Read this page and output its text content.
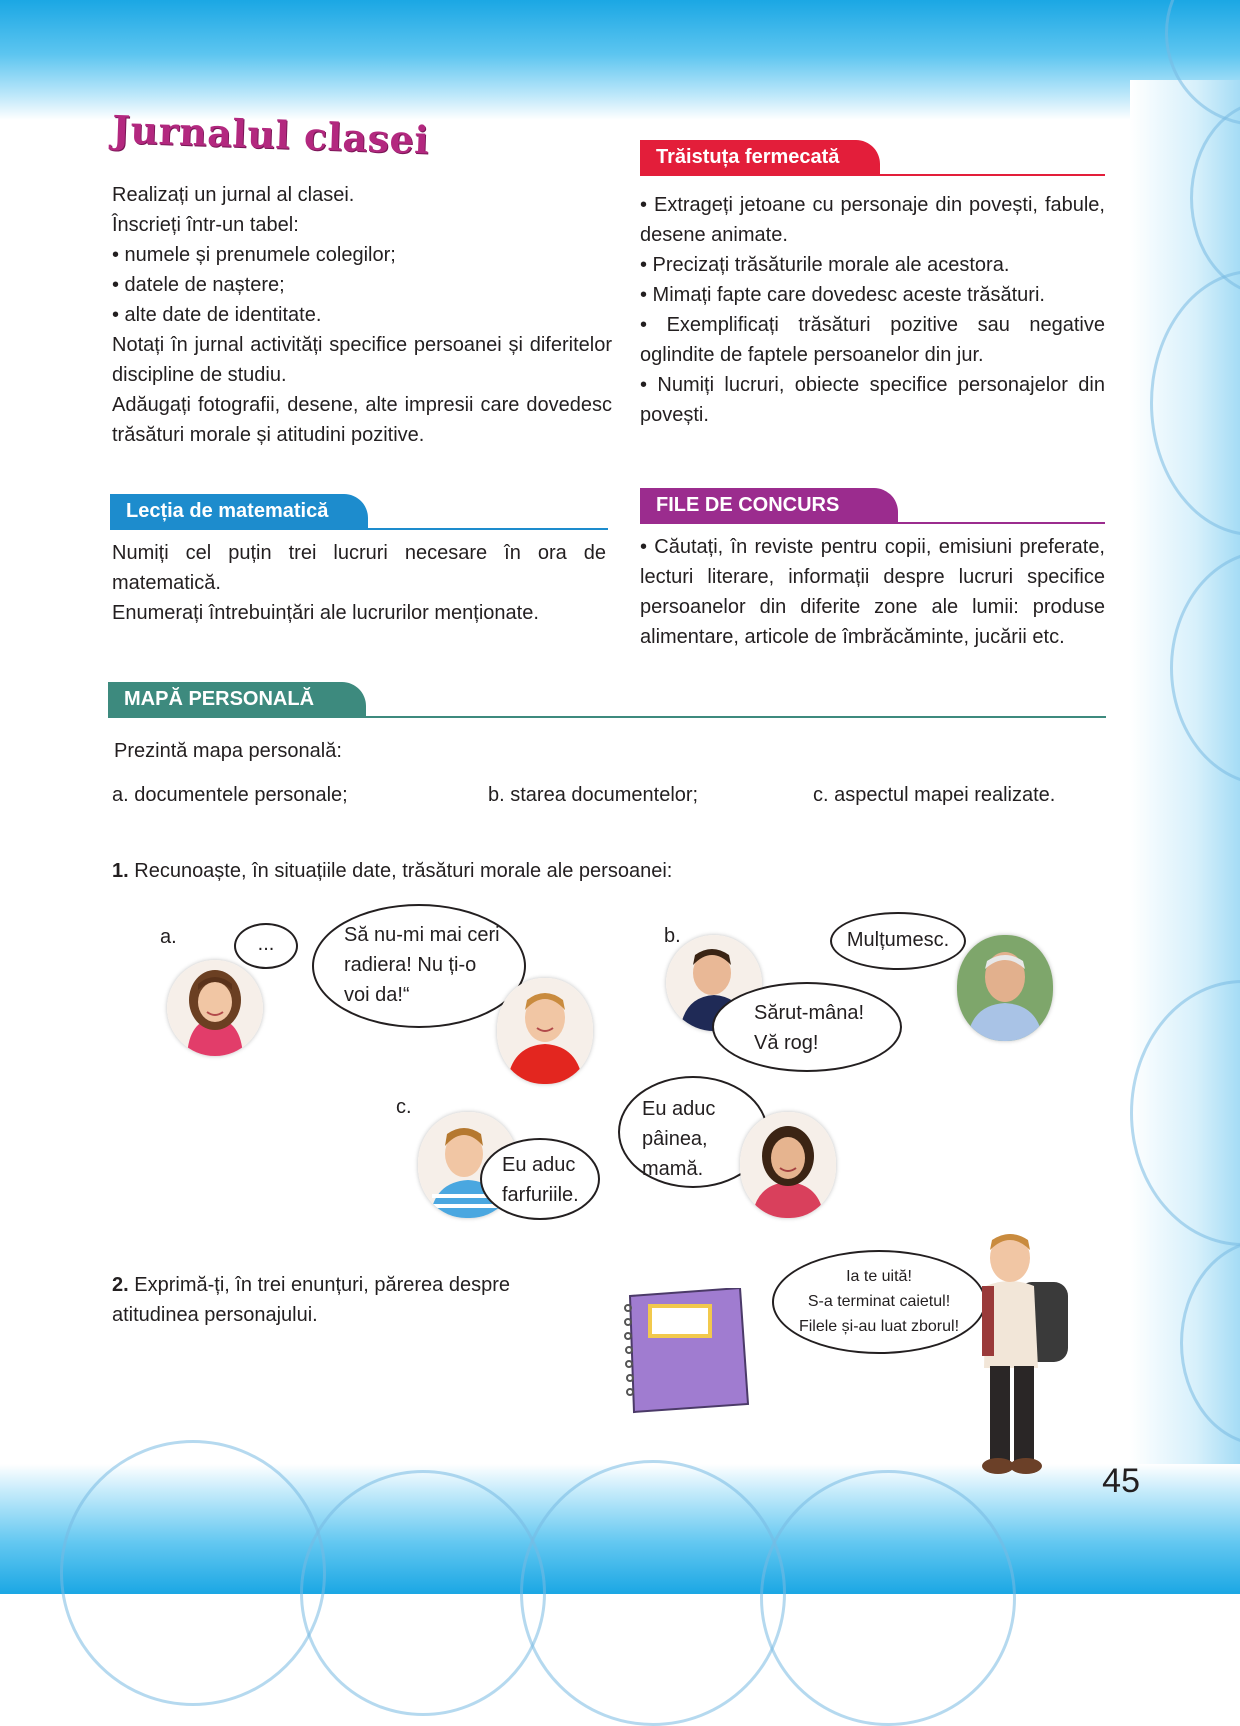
Jurnalul clasei
Realizați un jurnal al clasei.
Înscrieți într-un tabel:
• numele și prenumele colegilor;
• datele de naștere;
• alte date de identitate.
Notați în jurnal activități specifice persoanei și diferitelor discipline de studiu.
Adăugați fotografii, desene, alte impresii care dovedesc trăsături morale și atitudini pozitive.
Trăistuța fermecată
• Extrageți jetoane cu personaje din povești, fabule, desene animate.
• Precizați trăsăturile morale ale acestora.
• Mimați fapte care dovedesc aceste trăsături.
• Exemplificați trăsături pozitive sau negative oglindite de faptele persoanelor din jur.
• Numiți lucruri, obiecte specifice personajelor din povești.
Lecția de matematică
Numiți cel puțin trei lucruri necesare în ora de matematică.
Enumerați întrebuințări ale lucrurilor menționate.
FILE DE CONCURS
• Căutați, în reviste pentru copii, emisiuni preferate, lecturi literare, informații despre lucruri specifice persoanelor din diferite zone ale lumii: produse alimentare, articole de îmbrăcăminte, jucării etc.
MAPĂ PERSONALĂ
Prezintă mapa personală:
a. documentele personale;	b. starea documentelor;	c. aspectul mapei realizate.
1. Recunoaște, în situațiile date, trăsături morale ale persoanei:
a.	...	Să nu-mi mai ceri radiera! Nu ți-o voi da!“
b.	Mulțumesc.
Sărut-mâna! Vă rog!
c.
Eu aduc farfuriile.
Eu aduc pâinea, mamă.
2. Exprimă-ți, în trei enunțuri, părerea despre atitudinea personajului.
Ia te uită!
S-a terminat caietul!
Filele și-au luat zborul!
45
